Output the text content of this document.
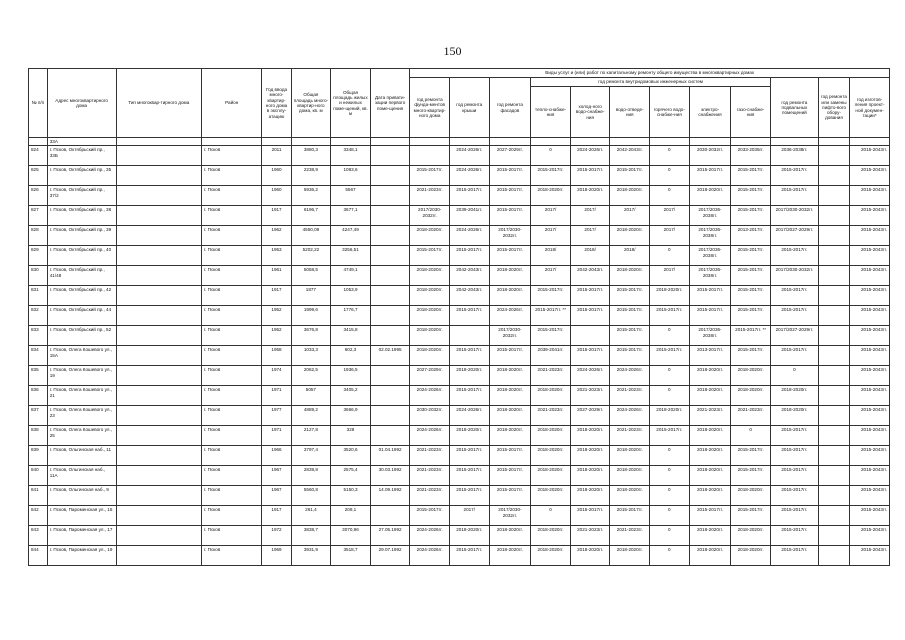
150
№ п/п	Адрес многоквартирного дома	Тип многоквар-тирного дома	Район	Год ввода много-квартир-ного дома в эксплу-атацию	Общая площадь много-квартир-ного дома, кв. м	Общая площадь жилых и нежилых поме-щений, кв. м	Дата привати-зации первого поме-щения	Виды услуг и (или) работ по капитальному ремонту общего имущества в многоквартирных домах											
								год ремонта фунда-ментов много-квартир-ного дома	год ремонта крыши	год ремонта фасадов	год ремонта внутридомовых инженерных систем						год ремонта подвальных помещений	год ремонта или замены лифто-вого обору-дования	год изготов-ления проект-ной докумен-тации*
											тепло-снабже-ния	холод-ного водо-снабже-ния	водо-отведе-ния	горячего водо-снабже-ния	электро-снабжения	газо-снабже-ния			
	33А																		
824	г. Псков, Октябрьский пр., 33Б		г. Псков	2011	3880,3	3348,1			2024-2026гг.	2027-2029гг.	0	2024-2026гг.	2042-2043гг.	0	2030-2032гг.	2033-2035гг.	2036-2038гг.		2015-2043гг.
825	г. Псков, Октябрьский пр., 35		г. Псков	1960	2238,9	1083,6		2015-2017гг.	2024-2026гг.	2015-2017гг.	2015-2017гг.	2015-2017гг.	2015-2017гг.	0	2015-2017гг.	2015-2017гг.	2015-2017гг.		2015-2043гг.
826	г. Псков, Октябрьский пр., 37/2		г. Псков	1960	5936,2	5567		2021-2023гг.	2015-2017гг.	2015-2017гг.	2018-2020гг.	2018-2020гг.	2018-2020гг.	0	2018-2020гг.	2015-2017гг.	2015-2017гг.		2015-2043гг.
827	г. Псков, Октябрьский пр., 38		г. Псков	1917	6196,7	3677,1		2017/2030-2032гг.	2039-2041гг.	2015-2017гг.	2017/	2017/	2017/	2017/	2017/2036-2038гг.	2015-2017гг.	2017/2030-2032гг.		2015-2043гг.
828	г. Псков, Октябрьский пр., 39		г. Псков	1962	4550,09	4247,49		2018-2020гг.	2024-2026гг.	2017/2030-2032гг.	2017/	2017/	2018-2020гг.	2017/	2017/2036-2038гг.	2013-2017гг.	2017/2027-2029гг.		2015-2043гг.
829	г. Псков, Октябрьский пр., 40		г. Псков	1953	5202,22	3256,51		2015-2017гг.	2015-2017гг.	2015-2017гг.	2018/	2018/	2018/	0	2017/2036-2038гг.	2015-2017гг.	2015-2017гг.		2015-2043гг.
830	г. Псков, Октябрьский пр., 41/48		г. Псков	1961	5058,5	4749,1		2018-2020гг.	2042-2043гг.	2018-2020гг.	2017/	2042-2043гг.	2018-2020гг.	2017/	2017/2036-2038гг.	2015-2017гг.	2017/2030-2032гг.		2015-2043гг.
831	г. Псков, Октябрьский пр., 42		г. Псков	1917	1877	1053,9		2018-2020гг.	2042-2043гг.	2018-2020гг.	2015-2017гг.	2015-2017гг.	2015-2017гг.	2018-2020гг.	2015-2017гг.	2015-2017гг.	2015-2017гг.		2015-2043гг.
832	г. Псков, Октябрьский пр., 44		г. Псков	1952	1999,6	1776,7		2018-2020гг.	2015-2017гг.	2024-2026гг.	2015-2017гг. **	2015-2017гг.	2015-2017гг.	2015-2017гг.	2015-2017гг.	2015-2017гг.	2015-2017гг.		2015-2043гг.
833	г. Псков, Октябрьский пр., 52		г. Псков	1952	3676,8	3415,8		2018-2020гг.		2017/2030-2032гг.	2015-2017гг.		2015-2017гг.	0	2017/2036-2038гг.	2015-2017гг. **	2017/2027-2029гг.		2015-2043гг.
834	г. Псков, Олега Кошевого ул., 15А		г. Псков	1958	1033,3	602,3	02.02.1995	2018-2020гг.	2015-2017гг.	2015-2017гг.	2039-2041гг.	2015-2017гг.	2015-2017гг.	2015-2017гг.	2013-2017гг.	2015-2017гг.	2015-2017гг.		2015-2043гг.
835	г. Псков, Олега Кошевого ул., 19		г. Псков	1974	2062,5	1936,5		2027-2029гг.	2018-2020гг.	2018-2020гг.	2021-2023гг.	2024-2026гг.	2024-2026гг.	0	2018-2020гг.	2018-2020гг.	0		2015-2043гг.
836	г. Псков, Олега Кошевого ул., 21		г. Псков	1971	5057	3405,2		2024-2026гг.	2015-2017гг.	2018-2020гг.	2018-2020гг.	2021-2023гг.	2021-2023гг.	0	2018-2020гг.	2018-2020гг.	2018-2020гг.		2015-2043гг.
837	г. Псков, Олега Кошевого ул., 23		г. Псков	1977	4889,2	3666,9		2030-2032гг.	2024-2026гг.	2018-2020гг.	2021-2023гг.	2027-2029гг.	2024-2026гг.	2018-2020гг.	2021-2023гг.	2021-2023гг.	2018-2020гг.		2015-2043гг.
838	г. Псков, Олега Кошевого ул., 25		г. Псков	1971	2127,8	328		2024-2026гг.	2018-2020гг.	2018-2020гг.	2018-2020гг.	2018-2020гг.	2021-2023гг.	2015-2017гг.	2018-2020гг.	0	2015-2017гг.		2015-2043гг.
839	г. Псков, Ольгинская наб., 11		г. Псков	1966	3797,4	3520,6	01.04.1992	2021-2023гг.	2015-2017гг.	2015-2017гг.	2018-2020гг.	2018-2020гг.	2018-2020гг.	0	2018-2020гг.	2015-2017гг.	2015-2017гг.		2015-2043гг.
840	г. Псков, Ольгинская наб., 11А		г. Псков	1967	2839,8	2575,4	30.03.1992	2021-2023гг.	2015-2017гг.	2015-2017гг.	2018-2020гг.	2018-2020гг.	2018-2020гг.	0	2018-2020гг.	2015-2017гг.	2015-2017гг.		2015-2043гг.
841	г. Псков, Ольгинская наб., 9		г. Псков	1967	5560,8	5150,3	14.09.1992	2021-2023гг.	2015-2017гг.	2015-2017гг.	2018-2020гг.	2018-2020гг.	2018-2020гг.	0	2018-2020гг.	2018-2020гг.	2015-2017гг.		2015-2043гг.
842	г. Псков, Пароменская ул., 15		г. Псков	1917	261,4	209,1		2015-2017гг.	2017/	2017/2030-2032гг.	0	2015-2017гг.	2015-2017гг.	0	2015-2017гг.	2015-2017гг.	2015-2017гг.		2015-2043гг.
843	г. Псков, Пароменская ул., 17		г. Псков	1972	3838,7	3070,96	27.05.1992	2024-2026гг.	2018-2020гг.	2018-2020гг.	2018-2020гг.	2021-2023гг.	2021-2023гг.	0	2018-2020гг.	2018-2020гг.	2015-2017гг.		2015-2043гг.
844	г. Псков, Пароменская ул., 19		г. Псков	1969	3931,9	3518,7	29.07.1992	2024-2026гг.	2015-2017гг.	2018-2020гг.	2018-2020гг.	2018-2020гг.	2018-2020гг.	0	2018-2020гг.	2018-2020гг.	2015-2017гг.		2015-2043гг.
